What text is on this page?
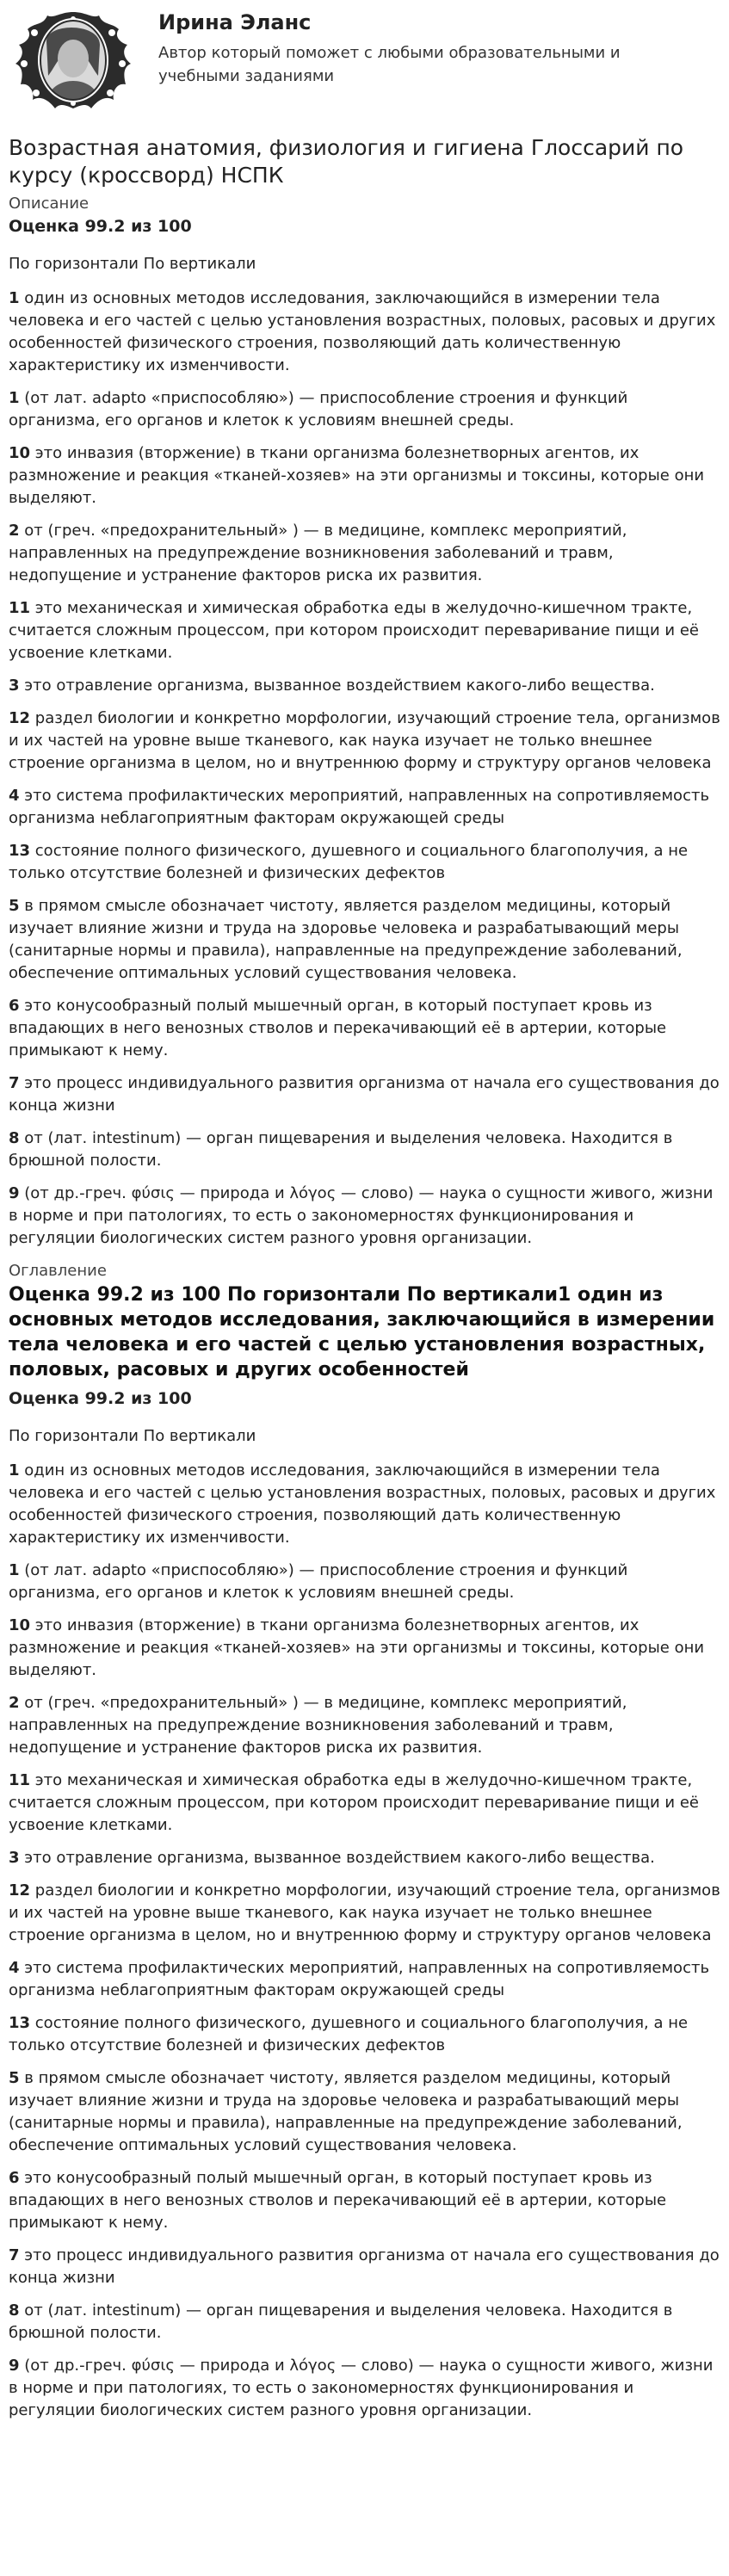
Ирина Эланс
Автор который поможет с любыми образовательными и учебными заданиями
Возрастная анатомия, физиология и гигиена Глоссарий по курсу (кроссворд) НСПК
Описание
Оценка 99.2 из 100
По горизонтали По вертикали

1 один из основных методов исследования, заключающийся в измерении тела человека и его частей с целью установления возрастных, половых, расовых и других особенностей физического строения, позволяющий дать количественную характеристику их изменчивости.

1 (от лат. adapto «приспособляю») — приспособление строения и функций организма, его органов и клеток к условиям внешней среды.

10 это инвазия (вторжение) в ткани организма болезнетворных агентов, их размножение и реакция «тканей-хозяев» на эти организмы и токсины, которые они выделяют.

2 от (греч. «предохранительный» ) — в медицине, комплекс мероприятий, направленных на предупреждение возникновения заболеваний и травм, недопущение и устранение факторов риска их развития.

11 это механическая и химическая обработка еды в желудочно-кишечном тракте, считается сложным процессом, при котором происходит переваривание пищи и её усвоение клетками.

3 это отравление организма, вызванное воздействием какого-либо вещества.

12 раздел биологии и конкретно морфологии, изучающий строение тела, организмов и их частей на уровне выше тканевого, как наука изучает не только внешнее строение организма в целом, но и внутреннюю форму и структуру органов человека

4 это система профилактических мероприятий, направленных на сопротивляемость организма неблагоприятным факторам окружающей среды

13 состояние полного физического, душевного и социального благополучия, а не только отсутствие болезней и физических дефектов

5 в прямом смысле обозначает чистоту, является разделом медицины, который изучает влияние жизни и труда на здоровье человека и разрабатывающий меры (санитарные нормы и правила), направленные на предупреждение заболеваний, обеспечение оптимальных условий существования человека.

6 это конусообразный полый мышечный орган, в который поступает кровь из впадающих в него венозных стволов и перекачивающий её в артерии, которые примыкают к нему.

7 это процесс индивидуального развития организма от начала его существования до конца жизни

8 от (лат. intestinum) — орган пищеварения и выделения человека. Находится в брюшной полости.

9 (от др.-греч. φύσις — природа и λόγος — слово) — наука о сущности живого, жизни в норме и при патологиях, то есть о закономерностях функционирования и регуляции биологических систем разного уровня организации.

Оглавление
Оценка 99.2 из 100 По горизонтали По вертикали1 один из основных методов исследования, заключающийся в измерении тела человека и его частей с целью установления возрастных, половых, расовых и других особенностей
Оценка 99.2 из 100
По горизонтали По вертикали

1 один из основных методов исследования, заключающийся в измерении тела человека и его частей с целью установления возрастных, половых, расовых и других особенностей физического строения, позволяющий дать количественную характеристику их изменчивости.

1 (от лат. adapto «приспособляю») — приспособление строения и функций организма, его органов и клеток к условиям внешней среды.

10 это инвазия (вторжение) в ткани организма болезнетворных агентов, их размножение и реакция «тканей-хозяев» на эти организмы и токсины, которые они выделяют.

2 от (греч. «предохранительный» ) — в медицине, комплекс мероприятий, направленных на предупреждение возникновения заболеваний и травм, недопущение и устранение факторов риска их развития.

11 это механическая и химическая обработка еды в желудочно-кишечном тракте, считается сложным процессом, при котором происходит переваривание пищи и её усвоение клетками.

3 это отравление организма, вызванное воздействием какого-либо вещества.

12 раздел биологии и конкретно морфологии, изучающий строение тела, организмов и их частей на уровне выше тканевого, как наука изучает не только внешнее строение организма в целом, но и внутреннюю форму и структуру органов человека

4 это система профилактических мероприятий, направленных на сопротивляемость организма неблагоприятным факторам окружающей среды

13 состояние полного физического, душевного и социального благополучия, а не только отсутствие болезней и физических дефектов

5 в прямом смысле обозначает чистоту, является разделом медицины, который изучает влияние жизни и труда на здоровье человека и разрабатывающий меры (санитарные нормы и правила), направленные на предупреждение заболеваний, обеспечение оптимальных условий существования человека.

6 это конусообразный полый мышечный орган, в который поступает кровь из впадающих в него венозных стволов и перекачивающий её в артерии, которые примыкают к нему.

7 это процесс индивидуального развития организма от начала его существования до конца жизни

8 от (лат. intestinum) — орган пищеварения и выделения человека. Находится в брюшной полости.

9 (от др.-греч. φύσις — природа и λόγος — слово) — наука о сущности живого, жизни в норме и при патологиях, то есть о закономерностях функционирования и регуляции биологических систем разного уровня организации.
